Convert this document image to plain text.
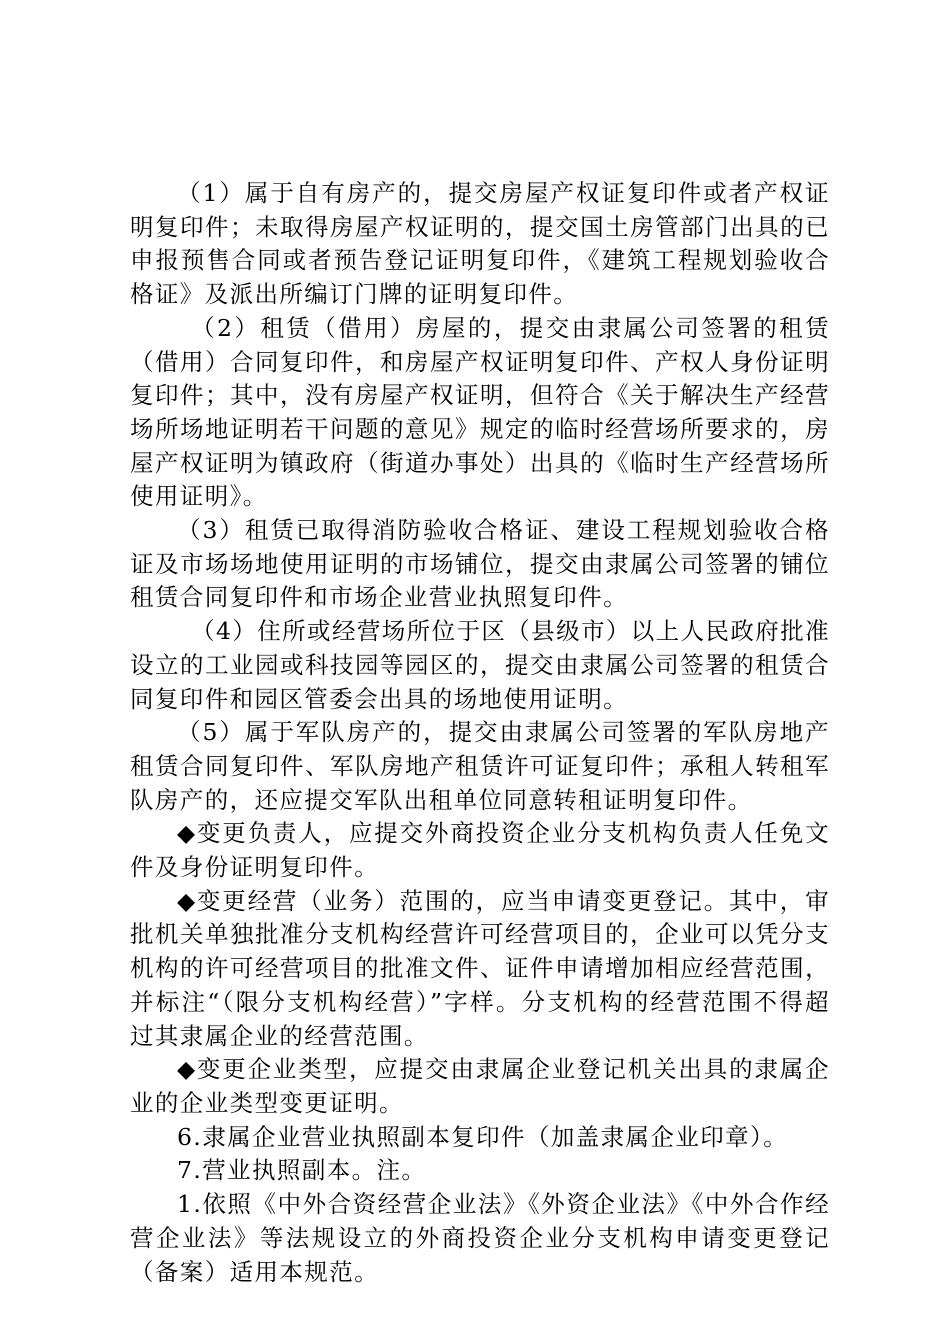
（1）属于自有房产的，提交房屋产权证复印件或者产权证明复印件；未取得房屋产权证明的，提交国土房管部门出具的已申报预售合同或者预告登记证明复印件，《建筑工程规划验收合格证》及派出所编订门牌的证明复印件。

（2）租赁（借用）房屋的，提交由隶属公司签署的租赁（借用）合同复印件，和房屋产权证明复印件、产权人身份证明复印件；其中，没有房屋产权证明，但符合《关于解决生产经营场所场地证明若干问题的意见》规定的临时经营场所要求的，房屋产权证明为镇政府（街道办事处）出具的《临时生产经营场所使用证明》。

（3）租赁已取得消防验收合格证、建设工程规划验收合格证及市场场地使用证明的市场铺位，提交由隶属公司签署的铺位租赁合同复印件和市场企业营业执照复印件。

（4）住所或经营场所位于区（县级市）以上人民政府批准设立的工业园或科技园等园区的，提交由隶属公司签署的租赁合同复印件和园区管委会出具的场地使用证明。

（5）属于军队房产的，提交由隶属公司签署的军队房地产租赁合同复印件、军队房地产租赁许可证复印件；承租人转租军队房产的，还应提交军队出租单位同意转租证明复印件。

◆变更负责人，应提交外商投资企业分支机构负责人任免文件及身份证明复印件。

◆变更经营（业务）范围的，应当申请变更登记。其中，审批机关单独批准分支机构经营许可经营项目的，企业可以凭分支机构的许可经营项目的批准文件、证件申请增加相应经营范围，并标注“（限分支机构经营）”字样。分支机构的经营范围不得超过其隶属企业的经营范围。

◆变更企业类型，应提交由隶属企业登记机关出具的隶属企业的企业类型变更证明。

6.隶属企业营业执照副本复印件（加盖隶属企业印章）。

7.营业执照副本。注。

1.依照《中外合资经营企业法》《外资企业法》《中外合作经营企业法》等法规设立的外商投资企业分支机构申请变更登记（备案）适用本规范。
